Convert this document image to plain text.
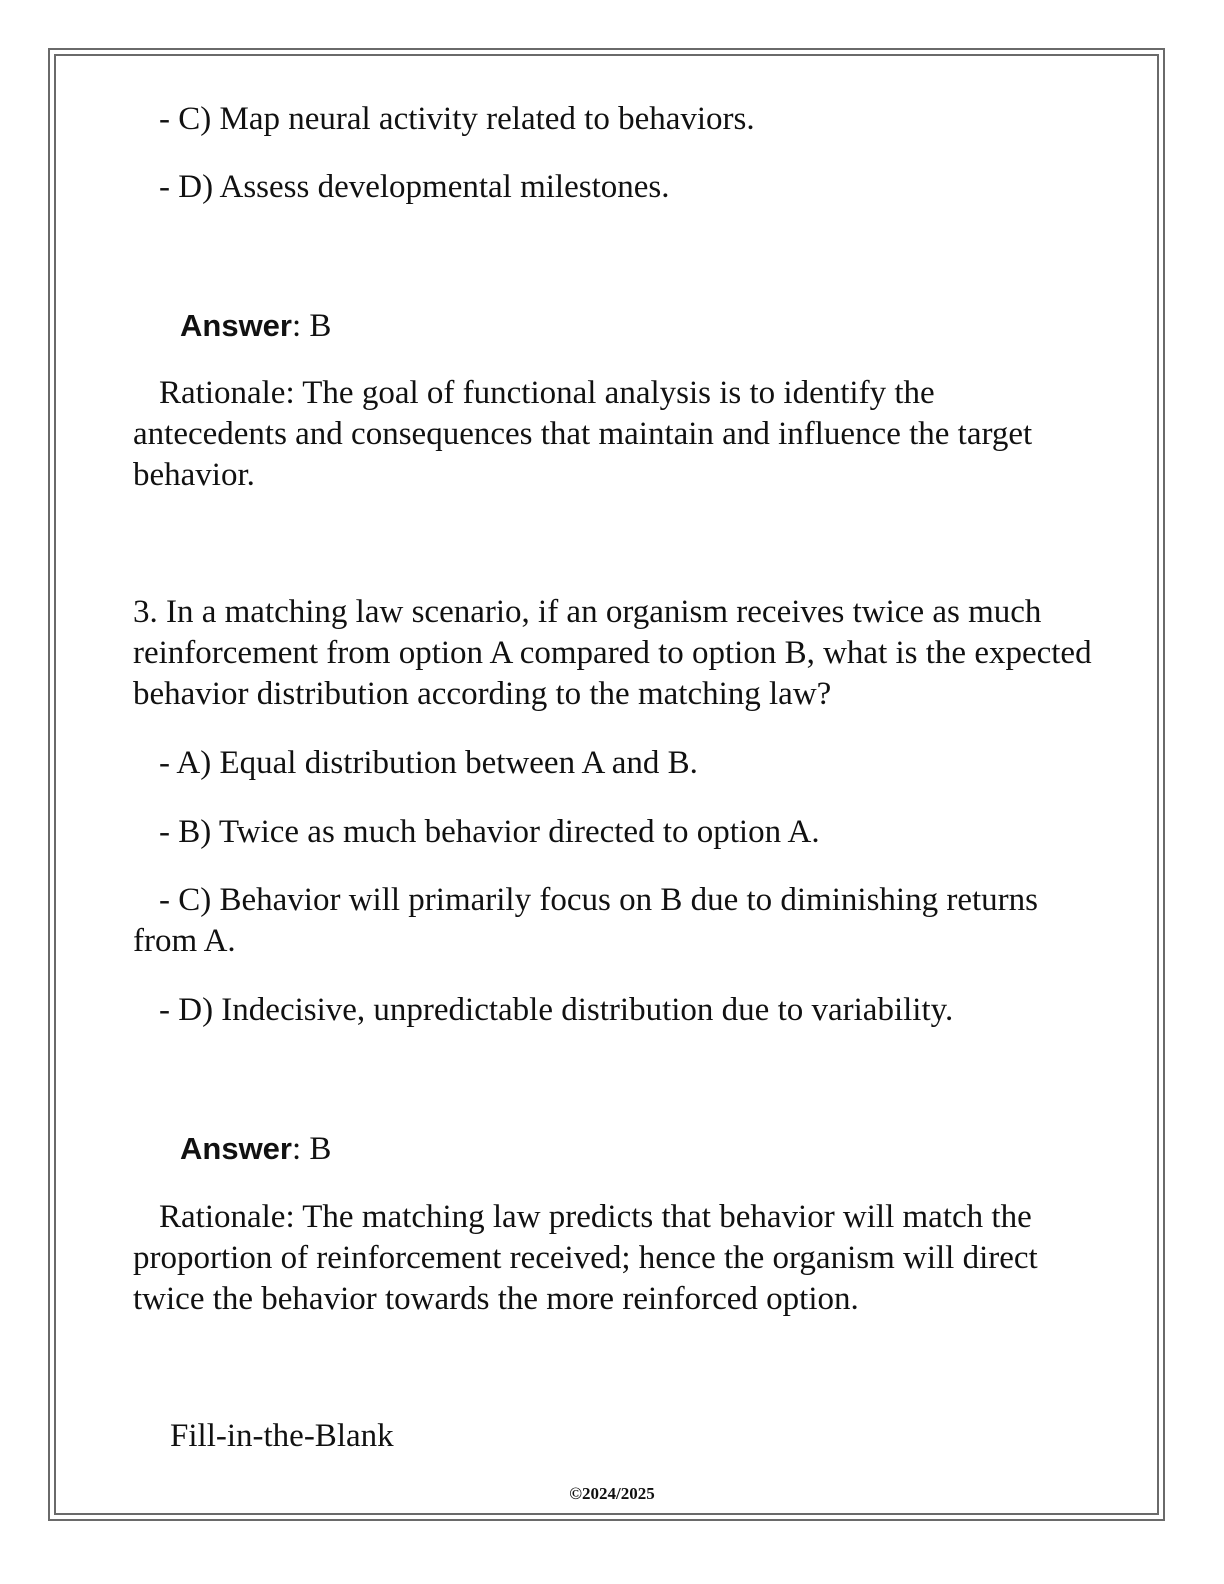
- C) Map neural activity related to behaviors.
- D) Assess developmental milestones.
Answer: B
Rationale: The goal of functional analysis is to identify the antecedents and consequences that maintain and influence the target behavior.
3. In a matching law scenario, if an organism receives twice as much reinforcement from option A compared to option B, what is the expected behavior distribution according to the matching law?
- A) Equal distribution between A and B.
- B) Twice as much behavior directed to option A.
- C) Behavior will primarily focus on B due to diminishing returns from A.
- D) Indecisive, unpredictable distribution due to variability.
Answer: B
Rationale: The matching law predicts that behavior will match the proportion of reinforcement received; hence the organism will direct twice the behavior towards the more reinforced option.
Fill-in-the-Blank
©2024/2025
